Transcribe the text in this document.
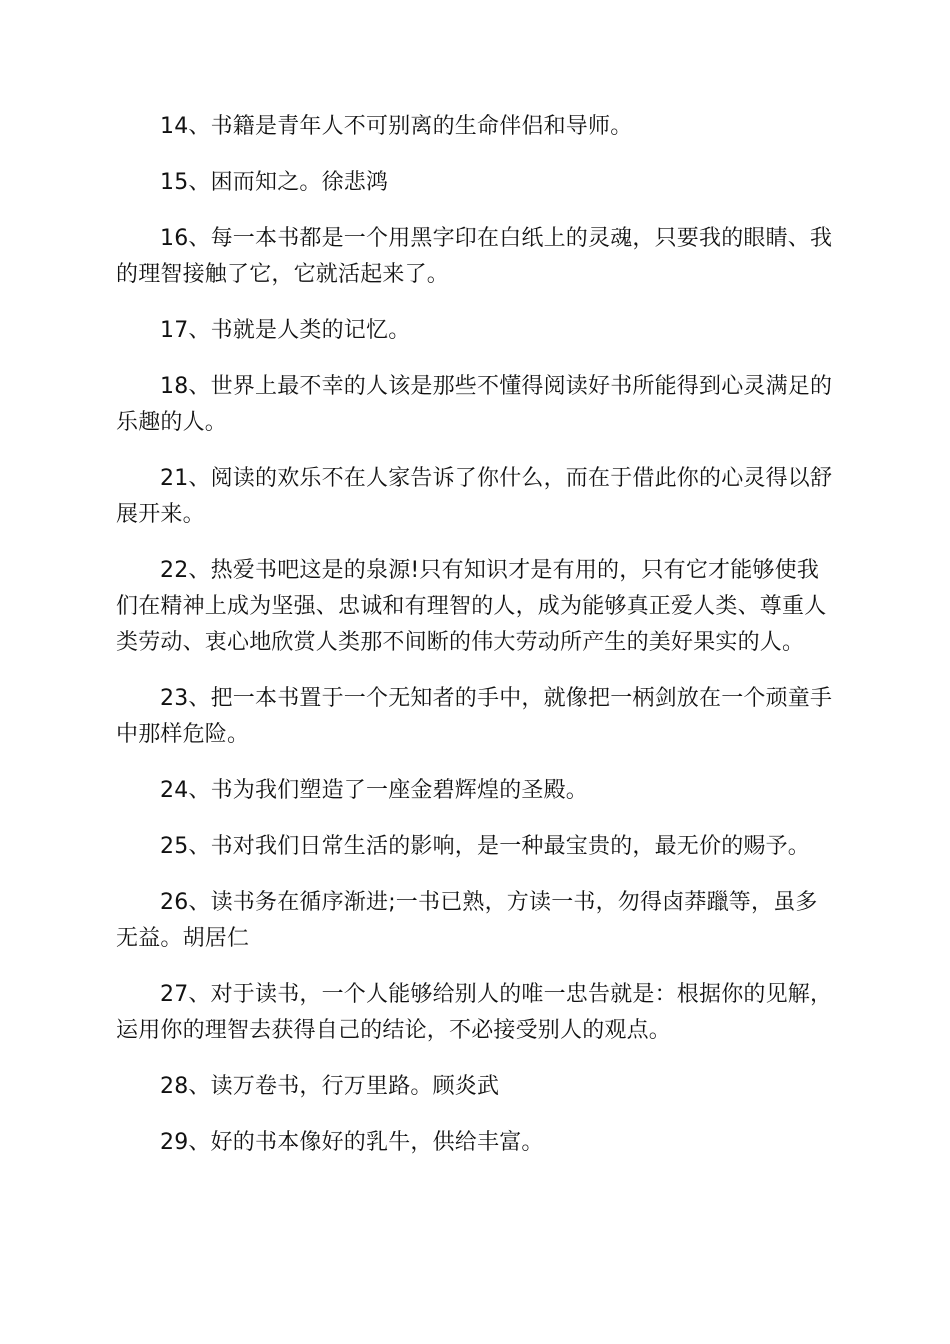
14、书籍是青年人不可别离的生命伴侣和导师。

15、困而知之。徐悲鸿

16、每一本书都是一个用黑字印在白纸上的灵魂，只要我的眼睛、我的理智接触了它，它就活起来了。

17、书就是人类的记忆。

18、世界上最不幸的人该是那些不懂得阅读好书所能得到心灵满足的乐趣的人。

21、阅读的欢乐不在人家告诉了你什么，而在于借此你的心灵得以舒展开来。

22、热爱书吧这是的泉源!只有知识才是有用的，只有它才能够使我们在精神上成为坚强、忠诚和有理智的人，成为能够真正爱人类、尊重人类劳动、衷心地欣赏人类那不间断的伟大劳动所产生的美好果实的人。

23、把一本书置于一个无知者的手中，就像把一柄剑放在一个顽童手中那样危险。

24、书为我们塑造了一座金碧辉煌的圣殿。

25、书对我们日常生活的影响，是一种最宝贵的，最无价的赐予。

26、读书务在循序渐进;一书已熟，方读一书，勿得卤莽躐等，虽多无益。胡居仁

27、对于读书，一个人能够给别人的唯一忠告就是：根据你的见解，运用你的理智去获得自己的结论，不必接受别人的观点。

28、读万卷书，行万里路。顾炎武

29、好的书本像好的乳牛，供给丰富。
